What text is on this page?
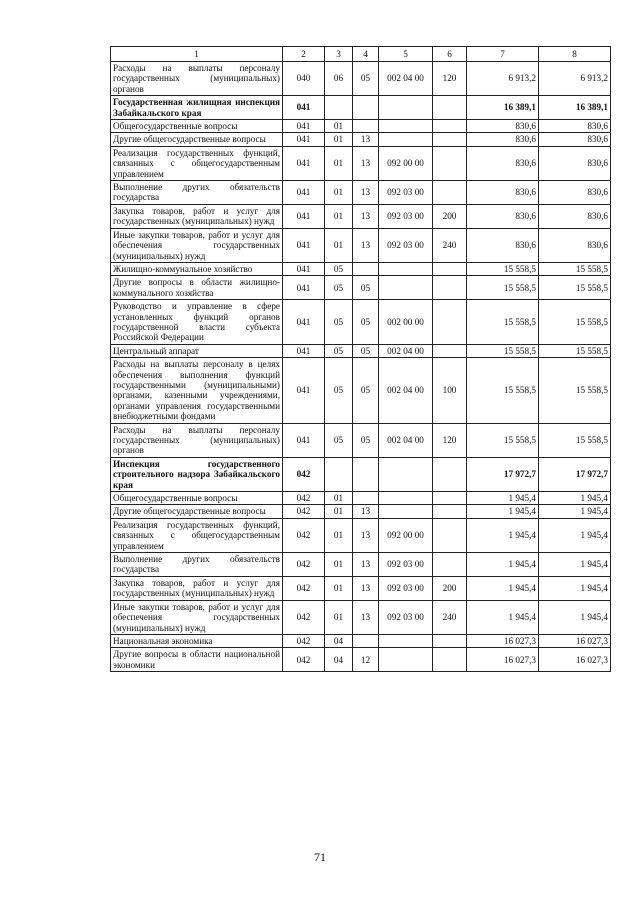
1	2	3	4	5	6	7	8
Расходы на выплаты персоналу государственных (муниципальных) органов	040	06	05	002 04 00	120	6 913,2	6 913,2
Государственная жилищная инспекция Забайкальского края	041					16 389,1	16 389,1
Общегосударственные вопросы	041	01				830,6	830,6
Другие общегосударственные вопросы	041	01	13			830,6	830,6
Реализация государственных функций, связанных с общегосударственным управлением	041	01	13	092 00 00		830,6	830,6
Выполнение других обязательств государства	041	01	13	092 03 00		830,6	830,6
Закупка товаров, работ и услуг для государственных (муниципальных) нужд	041	01	13	092 03 00	200	830,6	830,6
Иные закупки товаров, работ и услуг для обеспечения государственных (муниципальных) нужд	041	01	13	092 03 00	240	830,6	830,6
Жилищно-коммунальное хозяйство	041	05				15 558,5	15 558,5
Другие вопросы в области жилищно-коммунального хозяйства	041	05	05			15 558,5	15 558,5
Руководство и управление в сфере установленных функций органов государственной власти субъекта Российской Федерации	041	05	05	002 00 00		15 558,5	15 558,5
Центральный аппарат	041	05	05	002 04 00		15 558,5	15 558,5
Расходы на выплаты персоналу в целях обеспечения выполнения функций государственными (муниципальными) органами, казенными учреждениями, органами управления государственными внебюджетными фондами	041	05	05	002 04 00	100	15 558,5	15 558,5
Расходы на выплаты персоналу государственных (муниципальных) органов	041	05	05	002 04 00	120	15 558,5	15 558,5
Инспекция государственного строительного надзора Забайкальского края	042					17 972,7	17 972,7
Общегосударственные вопросы	042	01				1 945,4	1 945,4
Другие общегосударственные вопросы	042	01	13			1 945,4	1 945,4
Реализация государственных функций, связанных с общегосударственным управлением	042	01	13	092 00 00		1 945,4	1 945,4
Выполнение других обязательств государства	042	01	13	092 03 00		1 945,4	1 945,4
Закупка товаров, работ и услуг для государственных (муниципальных) нужд	042	01	13	092 03 00	200	1 945,4	1 945,4
Иные закупки товаров, работ и услуг для обеспечения государственных (муниципальных) нужд	042	01	13	092 03 00	240	1 945,4	1 945,4
Национальная экономика	042	04				16 027,3	16 027,3
Другие вопросы в области национальной экономики	042	04	12			16 027,3	16 027,3
71
